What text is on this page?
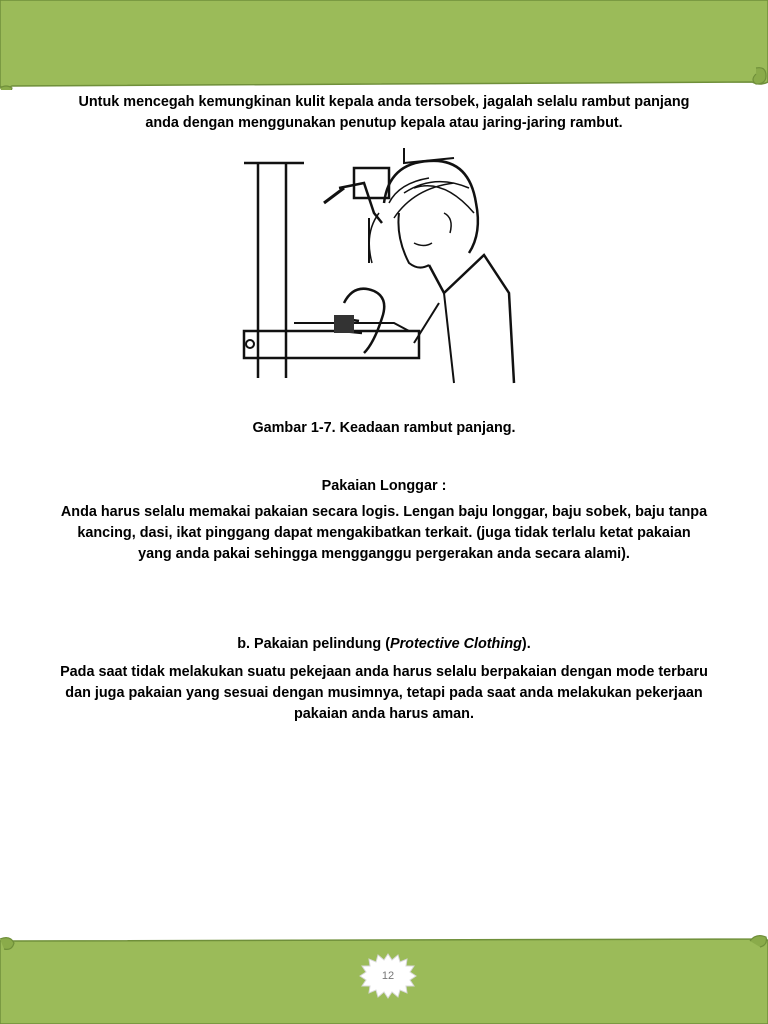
Untuk mencegah kemungkinan kulit kepala anda tersobek, jagalah selalu rambut panjang anda dengan menggunakan penutup kepala atau jaring-jaring rambut.
Gambar 1-7. Keadaan rambut panjang.
Pakaian Longgar :
Anda harus selalu memakai pakaian secara logis. Lengan baju longgar, baju sobek, baju tanpa kancing, dasi, ikat pinggang dapat mengakibatkan terkait. (juga tidak terlalu ketat pakaian yang anda pakai sehingga mengganggu pergerakan anda secara alami).
b. Pakaian pelindung (Protective Clothing).
Pada saat tidak melakukan suatu pekejaan anda harus selalu berpakaian dengan mode terbaru dan juga pakaian yang sesuai dengan musimnya, tetapi pada saat anda melakukan pekerjaan pakaian anda harus aman.
12
